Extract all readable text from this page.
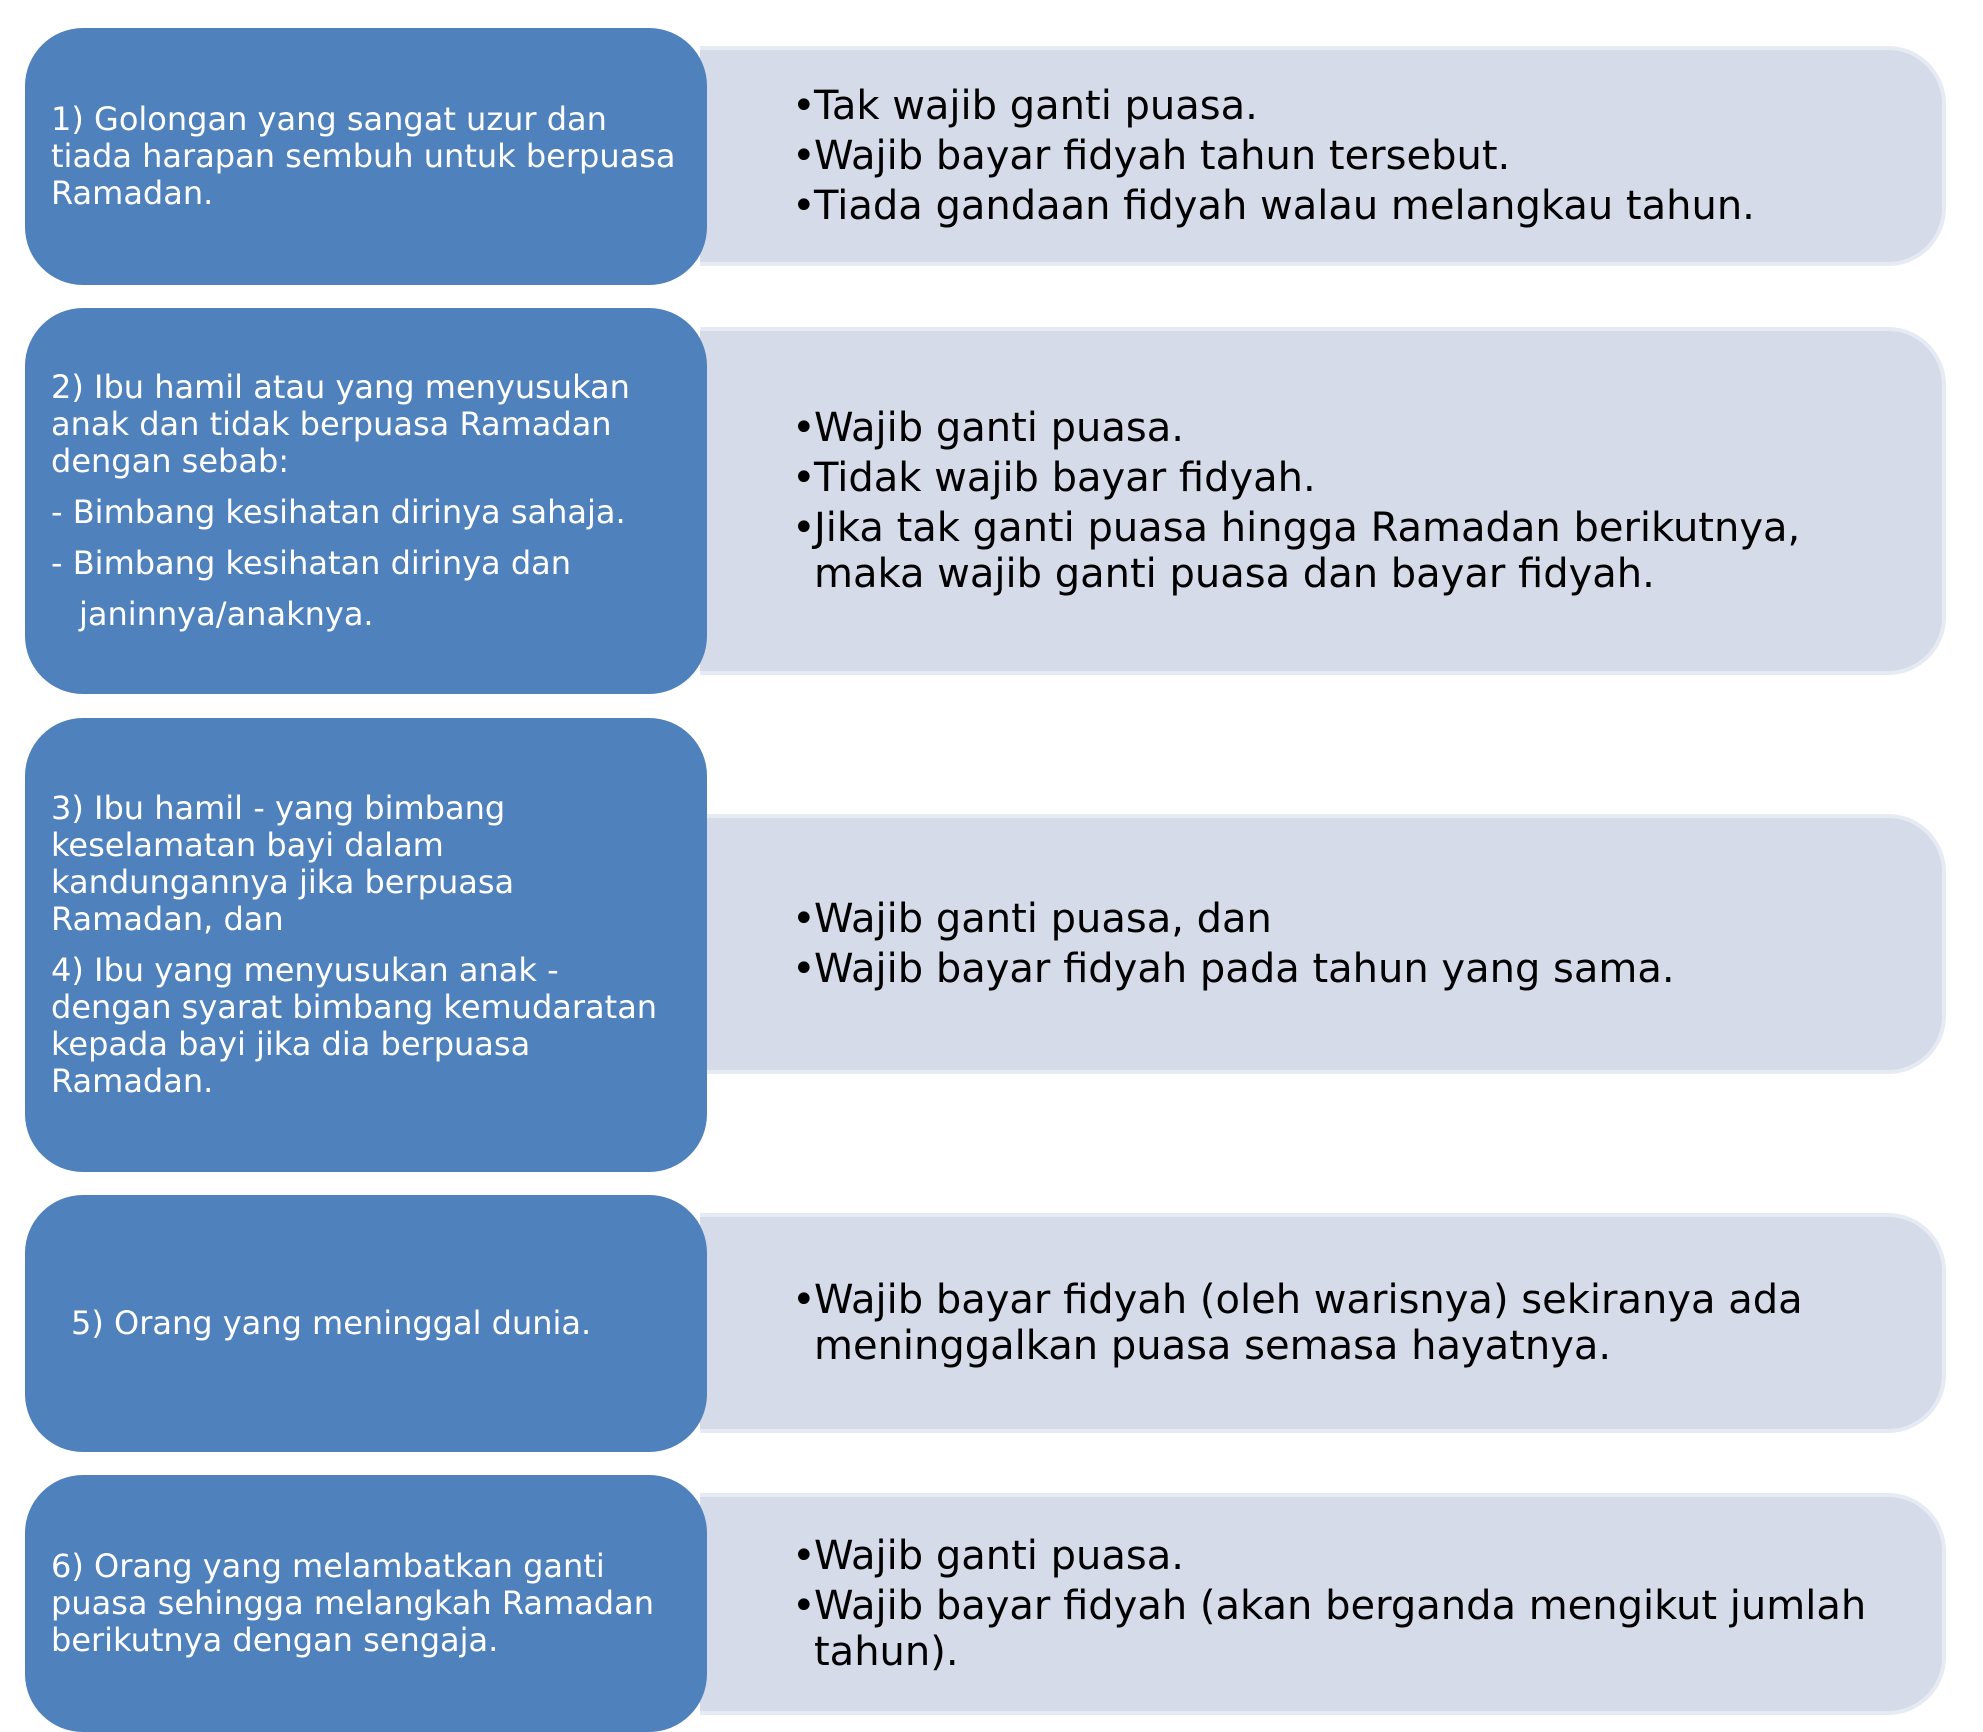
1) Golongan yang sangat uzur dan tiada harapan sembuh untuk berpuasa Ramadan.

• Tak wajib ganti puasa.
• Wajib bayar fidyah tahun tersebut.
• Tiada gandaan fidyah walau melangkau tahun.

2) Ibu hamil atau yang menyusukan anak dan tidak berpuasa Ramadan dengan sebab:

- Bimbang kesihatan dirinya sahaja.

- Bimbang kesihatan dirinya dan

janinnya/anaknya.

• Wajib ganti puasa.
• Tidak wajib bayar fidyah.
• Jika tak ganti puasa hingga Ramadan berikutnya, maka wajib ganti puasa dan bayar fidyah.

3) Ibu hamil - yang bimbang keselamatan bayi dalam kandungannya jika berpuasa Ramadan, dan

4) Ibu yang menyusukan anak - dengan syarat bimbang kemudaratan kepada bayi jika dia berpuasa Ramadan.

• Wajib ganti puasa, dan
• Wajib bayar fidyah pada tahun yang sama.

5) Orang yang meninggal dunia.

•	Wajib bayar fidyah (oleh warisnya) sekiranya ada meninggalkan puasa semasa hayatnya.

6) Orang yang melambatkan ganti puasa sehingga melangkah Ramadan berikutnya dengan sengaja.

• Wajib ganti puasa.
• Wajib bayar fidyah (akan berganda mengikut jumlah tahun).
